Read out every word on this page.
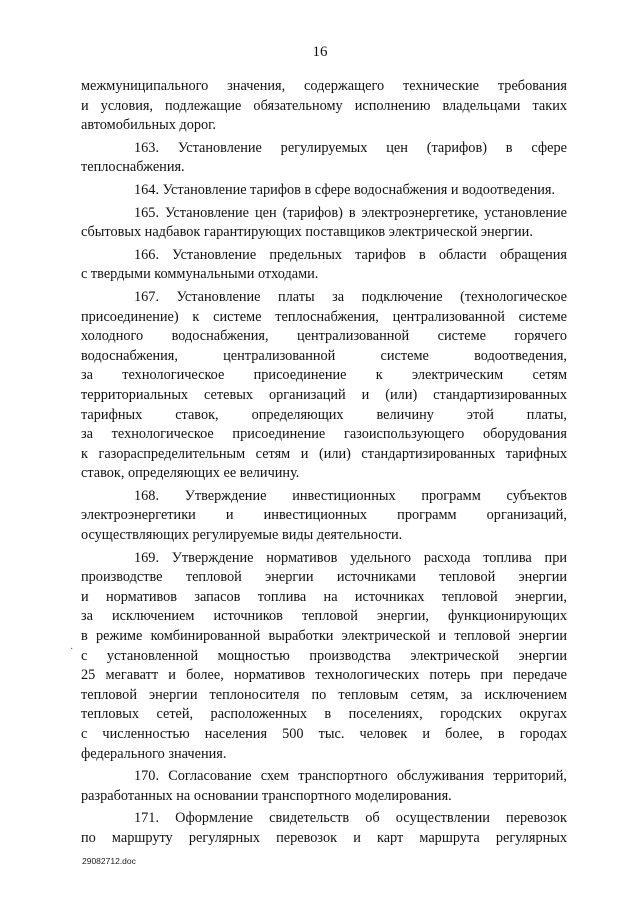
16
межмуниципального значения, содержащего технические требования
и условия, подлежащие обязательному исполнению владельцами таких
автомобильных дорог.
163. Установление регулируемых цен (тарифов) в сфере
теплоснабжения.
164. Установление тарифов в сфере водоснабжения и водоотведения.
165. Установление цен (тарифов) в электроэнергетике, установление
сбытовых надбавок гарантирующих поставщиков электрической энергии.
166. Установление предельных тарифов в области обращения
с твердыми коммунальными отходами.
167. Установление платы за подключение (технологическое
присоединение) к системе теплоснабжения, централизованной системе
холодного водоснабжения, централизованной системе горячего
водоснабжения, централизованной системе водоотведения,
за технологическое присоединение к электрическим сетям
территориальных сетевых организаций и (или) стандартизированных
тарифных ставок, определяющих величину этой платы,
за технологическое присоединение газоиспользующего оборудования
к газораспределительным сетям и (или) стандартизированных тарифных
ставок, определяющих ее величину.
168. Утверждение инвестиционных программ субъектов
электроэнергетики и инвестиционных программ организаций,
осуществляющих регулируемые виды деятельности.
169. Утверждение нормативов удельного расхода топлива при
производстве тепловой энергии источниками тепловой энергии
и нормативов запасов топлива на источниках тепловой энергии,
за исключением источников тепловой энергии, функционирующих
в режиме комбинированной выработки электрической и тепловой энергии
с установленной мощностью производства электрической энергии
25 мегаватт и более, нормативов технологических потерь при передаче
тепловой энергии теплоносителя по тепловым сетям, за исключением
тепловых сетей, расположенных в поселениях, городских округах
с численностью населения 500 тыс. человек и более, в городах
федерального значения.
170. Согласование схем транспортного обслуживания территорий,
разработанных на основании транспортного моделирования.
171. Оформление свидетельств об осуществлении перевозок
по маршруту регулярных перевозок и карт маршрута регулярных
·
29082712.doc
